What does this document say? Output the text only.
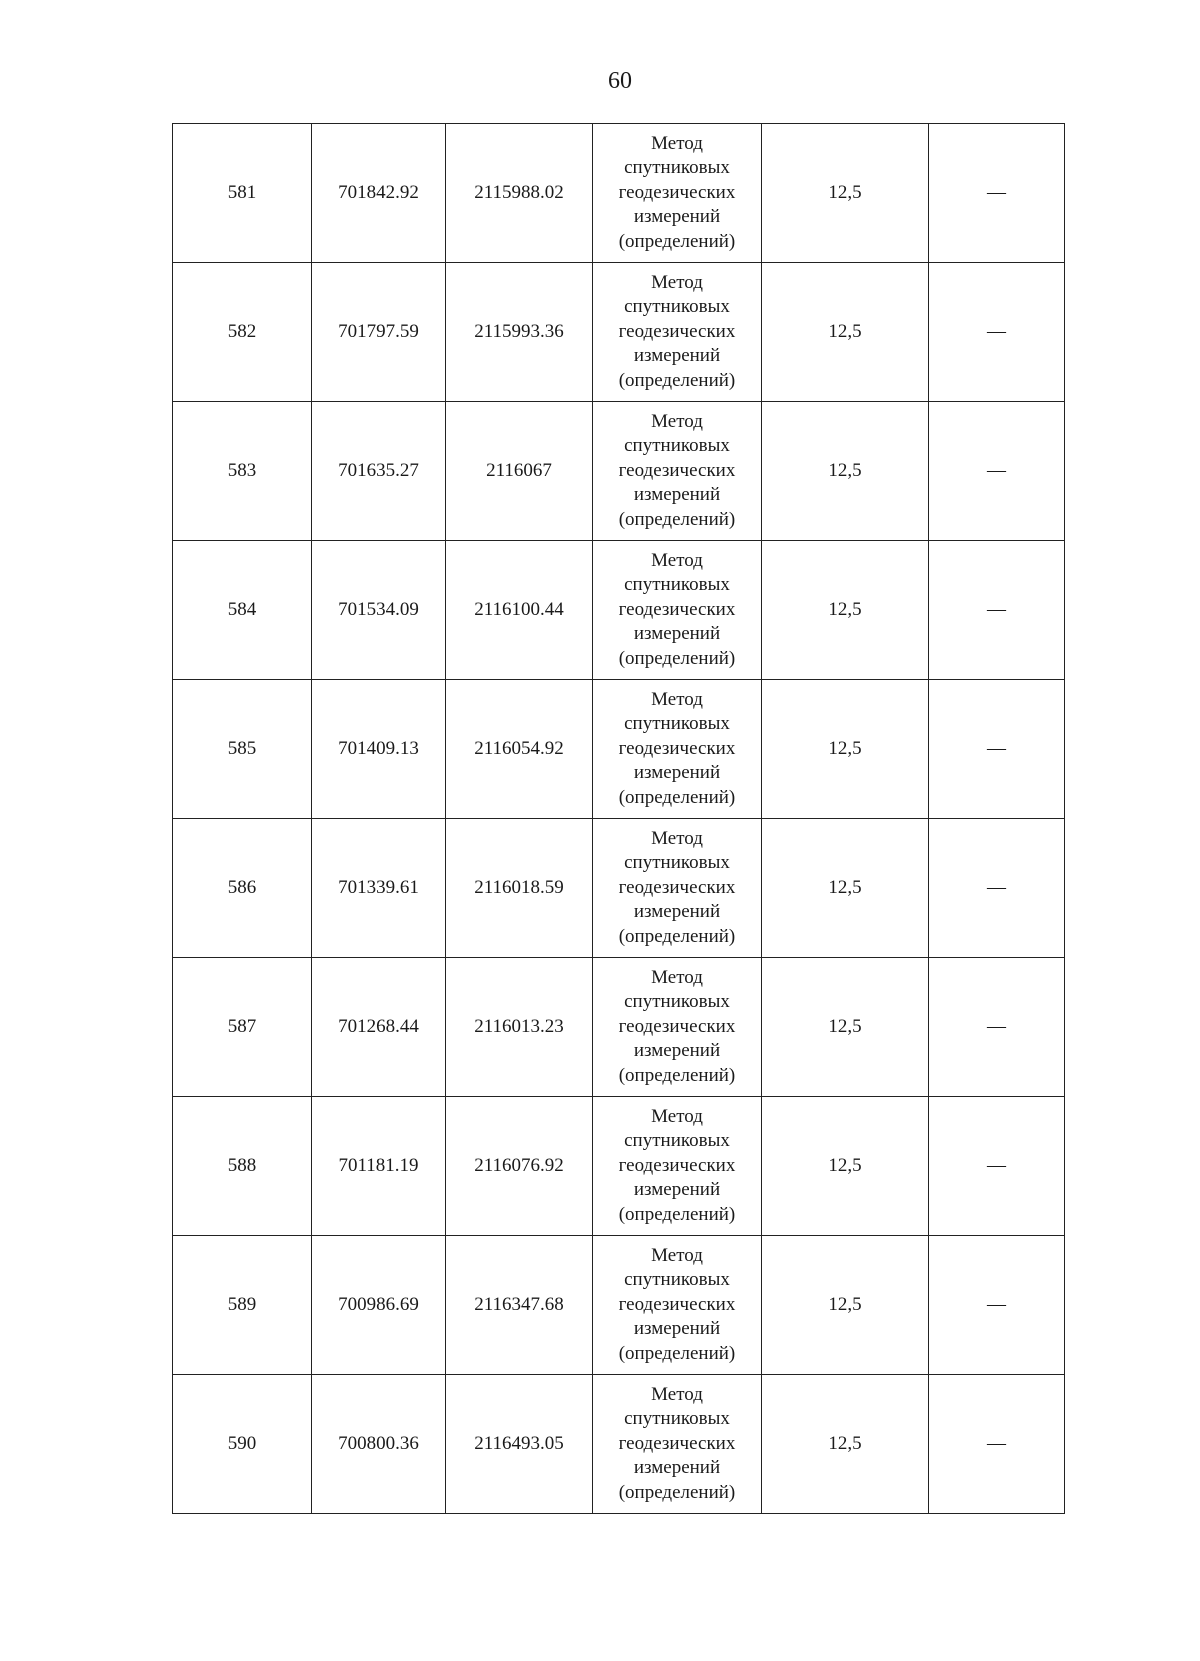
60
581	701842.92	2115988.02	Метод
спутниковых
геодезических
измерений
(определений)	12,5	—
582	701797.59	2115993.36	Метод
спутниковых
геодезических
измерений
(определений)	12,5	—
583	701635.27	2116067	Метод
спутниковых
геодезических
измерений
(определений)	12,5	—
584	701534.09	2116100.44	Метод
спутниковых
геодезических
измерений
(определений)	12,5	—
585	701409.13	2116054.92	Метод
спутниковых
геодезических
измерений
(определений)	12,5	—
586	701339.61	2116018.59	Метод
спутниковых
геодезических
измерений
(определений)	12,5	—
587	701268.44	2116013.23	Метод
спутниковых
геодезических
измерений
(определений)	12,5	—
588	701181.19	2116076.92	Метод
спутниковых
геодезических
измерений
(определений)	12,5	—
589	700986.69	2116347.68	Метод
спутниковых
геодезических
измерений
(определений)	12,5	—
590	700800.36	2116493.05	Метод
спутниковых
геодезических
измерений
(определений)	12,5	—
